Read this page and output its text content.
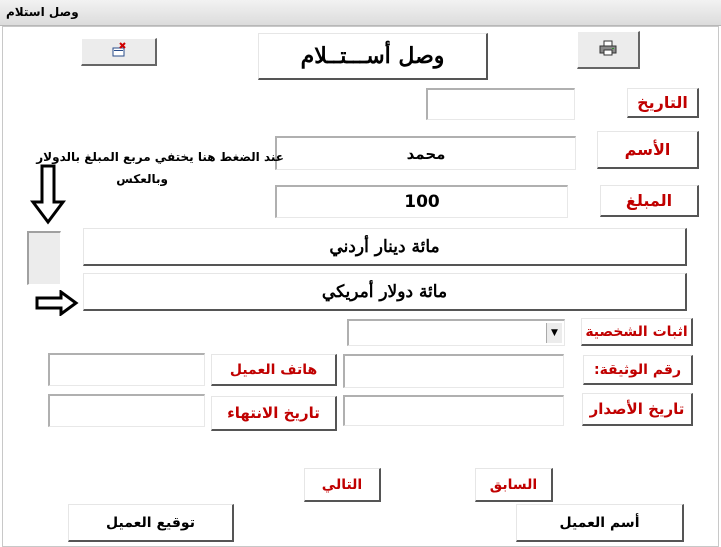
وصل استلام
وصل أســـتــلام
التاريخ
الأسم
محمد
عند الضغط هنا يختفي مربع المبلغ بالدولار
وبالعكس
المبلغ
100
مائة دينار أردني
مائة دولار أمريكي
اثبات الشخصية
▼
رقم الوثيقة:
هاتف العميل
تاريخ الأصدار
تاريخ الانتهاء
التالي	السابق
توقيع العميل	أسم العميل
